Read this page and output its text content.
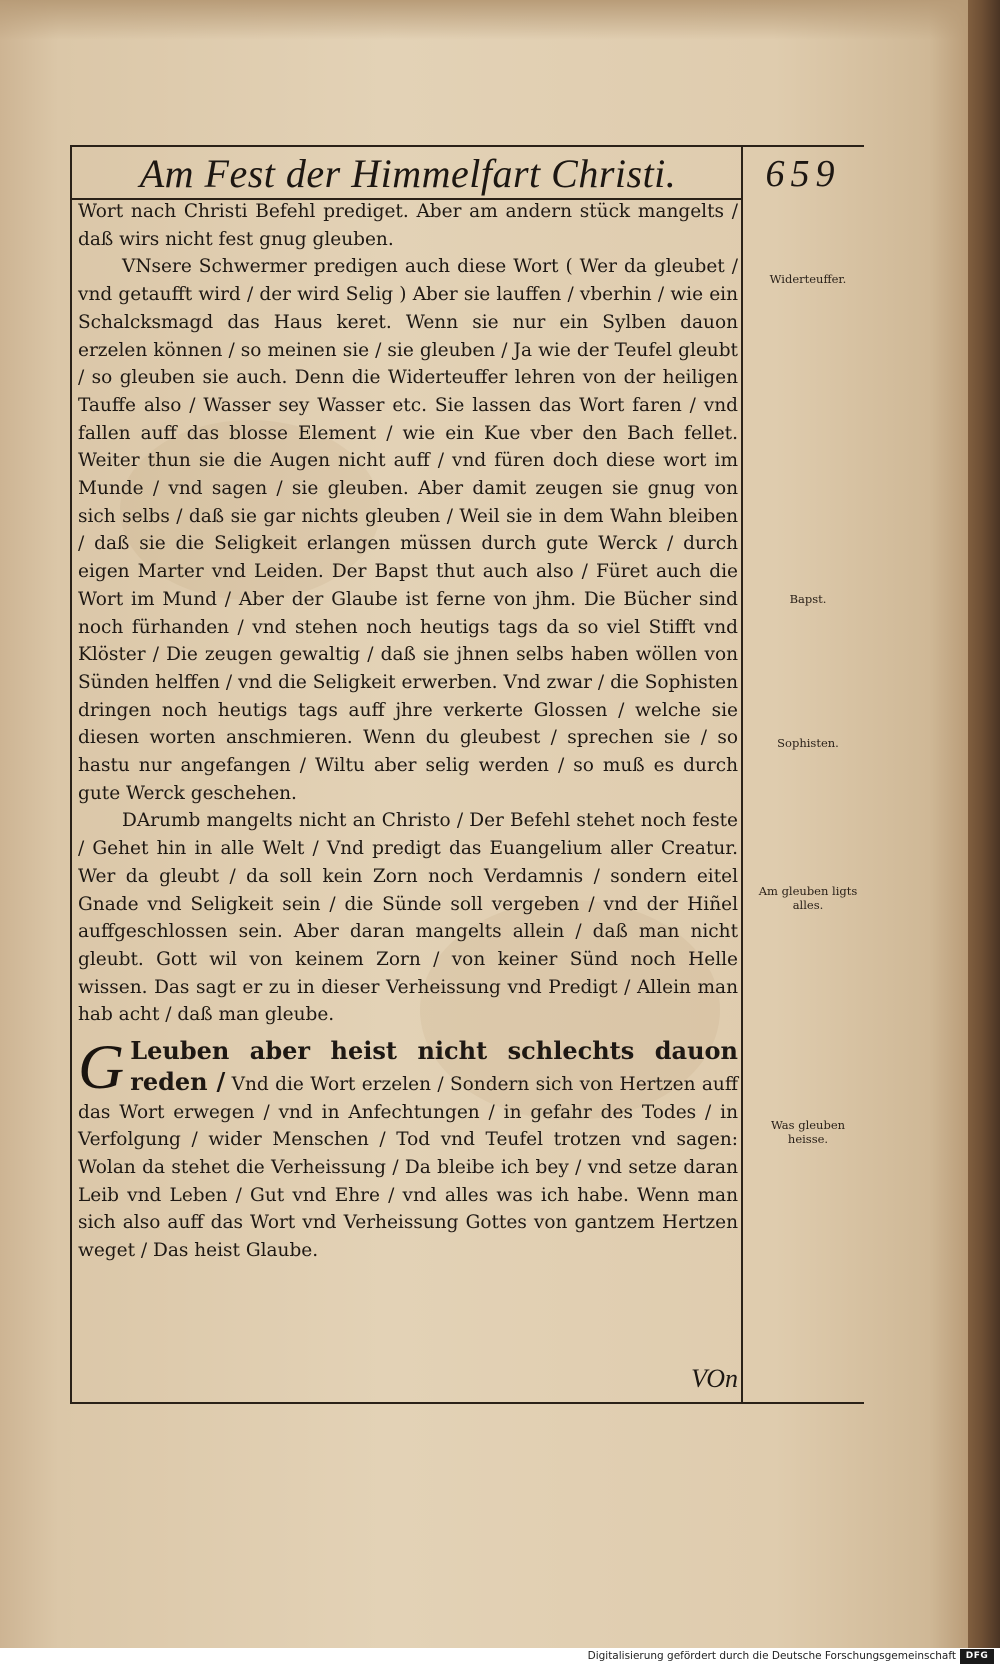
Am Fest der Himmelfart Christi.	659

Wort nach Christi Befehl prediget. Aber am andern stück mangelts / daß wirs nicht fest gnug gleuben.

VNsere Schwermer predigen auch diese Wort ( Wer da gleubet / vnd getaufft wird / der wird Selig ) Aber sie lauffen / vberhin / wie ein Schalcksmagd das Haus keret. Wenn sie nur ein Sylben dauon erzelen können / so meinen sie / sie gleuben / Ja wie der Teufel gleubt / so gleuben sie auch. Denn die Widerteuffer lehren von der heiligen Tauffe also / Wasser sey Wasser etc. Sie lassen das Wort faren / vnd fallen auff das blosse Element / wie ein Kue vber den Bach fellet. Weiter thun sie die Augen nicht auff / vnd füren doch diese wort im Munde / vnd sagen / sie gleuben. Aber damit zeugen sie gnug von sich selbs / daß sie gar nichts gleuben / Weil sie in dem Wahn bleiben / daß sie die Seligkeit erlangen müssen durch gute Werck / durch eigen Marter vnd Leiden. Der Bapst thut auch also / Füret auch die Wort im Mund / Aber der Glaube ist ferne von jhm. Die Bücher sind noch fürhanden / vnd stehen noch heutigs tags da so viel Stifft vnd Klöster / Die zeugen gewaltig / daß sie jhnen selbs haben wöllen von Sünden helffen / vnd die Seligkeit erwerben. Vnd zwar / die Sophisten dringen noch heutigs tags auff jhre verkerte Glossen / welche sie diesen worten anschmieren. Wenn du gleubest / sprechen sie / so hastu nur angefangen / Wiltu aber selig werden / so muß es durch gute Werck geschehen.

DArumb mangelts nicht an Christo / Der Befehl stehet noch feste / Gehet hin in alle Welt / Vnd predigt das Euangelium aller Creatur. Wer da gleubt / da soll kein Zorn noch Verdamnis / sondern eitel Gnade vnd Seligkeit sein / die Sünde soll vergeben / vnd der Hiñel auffgeschlossen sein. Aber daran mangelts allein / daß man nicht gleubt. Gott wil von keinem Zorn / von keiner Sünd noch Helle wissen. Das sagt er zu in dieser Verheissung vnd Predigt / Allein man hab acht / daß man gleube.

G Leuben aber heist nicht schlechts dauon reden / Vnd die Wort erzelen / Sondern sich von Hertzen auff das Wort erwegen / vnd in Anfechtungen / in gefahr des Todes / in Verfolgung / wider Menschen / Tod vnd Teufel trotzen vnd sagen: Wolan da stehet die Verheissung / Da bleibe ich bey / vnd setze daran Leib vnd Leben / Gut vnd Ehre / vnd alles was ich habe. Wenn man sich also auff das Wort vnd Verheissung Gottes von gantzem Hertzen weget / Das heist Glaube.

VOn
Widerteuffer.
Bapst.
Sophisten.
Am gleuben ligts alles.
Was gleuben heisse.
Digitalisierung gefördert durch die Deutsche Forschungsgemeinschaft	DFG
